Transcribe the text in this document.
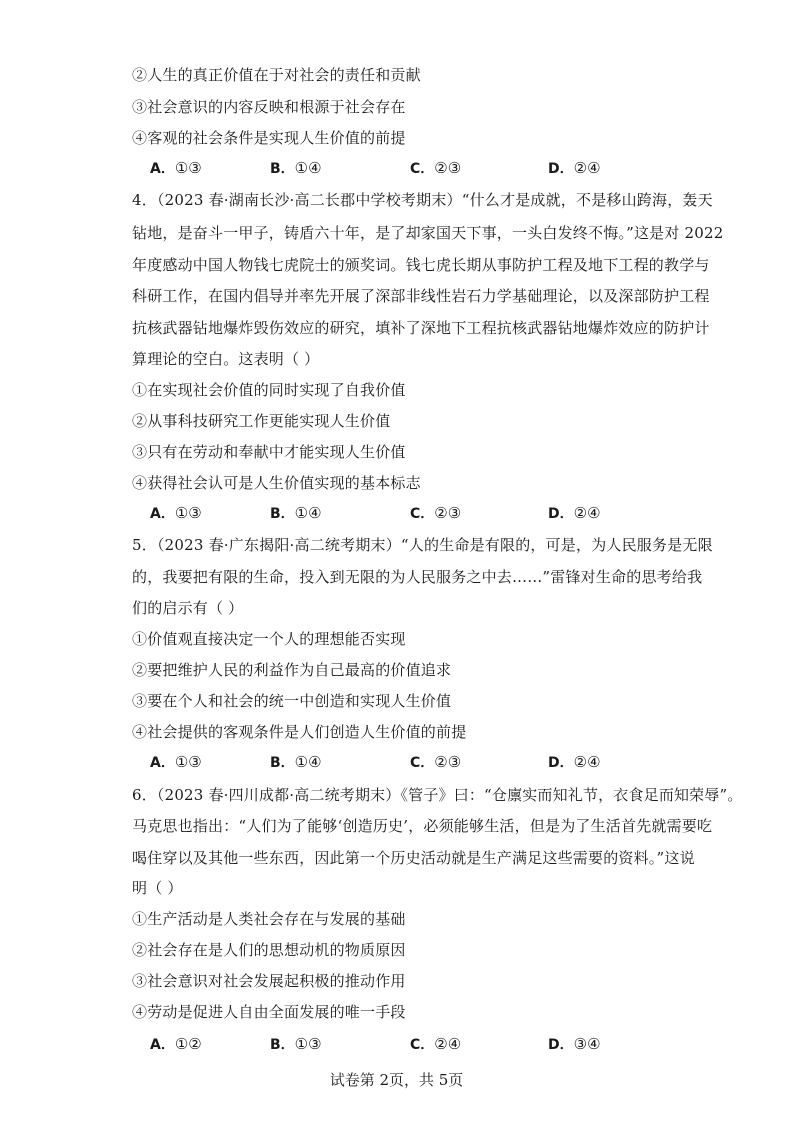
②人生的真正价值在于对社会的责任和贡献
③社会意识的内容反映和根源于社会存在
④客观的社会条件是实现人生价值的前提
A．①③	B．①④	C．②③	D．②④
4．（2023 春·湖南长沙·高二长郡中学校考期末）“什么才是成就，不是移山跨海，轰天
钻地，是奋斗一甲子，铸盾六十年，是了却家国天下事，一头白发终不悔。”这是对 2022
年度感动中国人物钱七虎院士的颁奖词。钱七虎长期从事防护工程及地下工程的教学与
科研工作，在国内倡导并率先开展了深部非线性岩石力学基础理论，以及深部防护工程
抗核武器钻地爆炸毁伤效应的研究，填补了深地下工程抗核武器钻地爆炸效应的防护计
算理论的空白。这表明（ ）
①在实现社会价值的同时实现了自我价值
②从事科技研究工作更能实现人生价值
③只有在劳动和奉献中才能实现人生价值
④获得社会认可是人生价值实现的基本标志
A．①③	B．①④	C．②③	D．②④
5．（2023 春·广东揭阳·高二统考期末）“人的生命是有限的，可是，为人民服务是无限
的，我要把有限的生命，投入到无限的为人民服务之中去……”雷锋对生命的思考给我
们的启示有（ ）
①价值观直接决定一个人的理想能否实现
②要把维护人民的利益作为自己最高的价值追求
③要在个人和社会的统一中创造和实现人生价值
④社会提供的客观条件是人们创造人生价值的前提
A．①③	B．①④	C．②③	D．②④
6．（2023 春·四川成都·高二统考期末）《管子》曰：“仓廪实而知礼节，衣食足而知荣辱”。
马克思也指出：“人们为了能够‘创造历史’，必须能够生活，但是为了生活首先就需要吃
喝住穿以及其他一些东西，因此第一个历史活动就是生产满足这些需要的资料。”这说
明（ ）
①生产活动是人类社会存在与发展的基础
②社会存在是人们的思想动机的物质原因
③社会意识对社会发展起积极的推动作用
④劳动是促进人自由全面发展的唯一手段
A．①②	B．①③	C．②④	D．③④
试卷第 2页，共 5页
